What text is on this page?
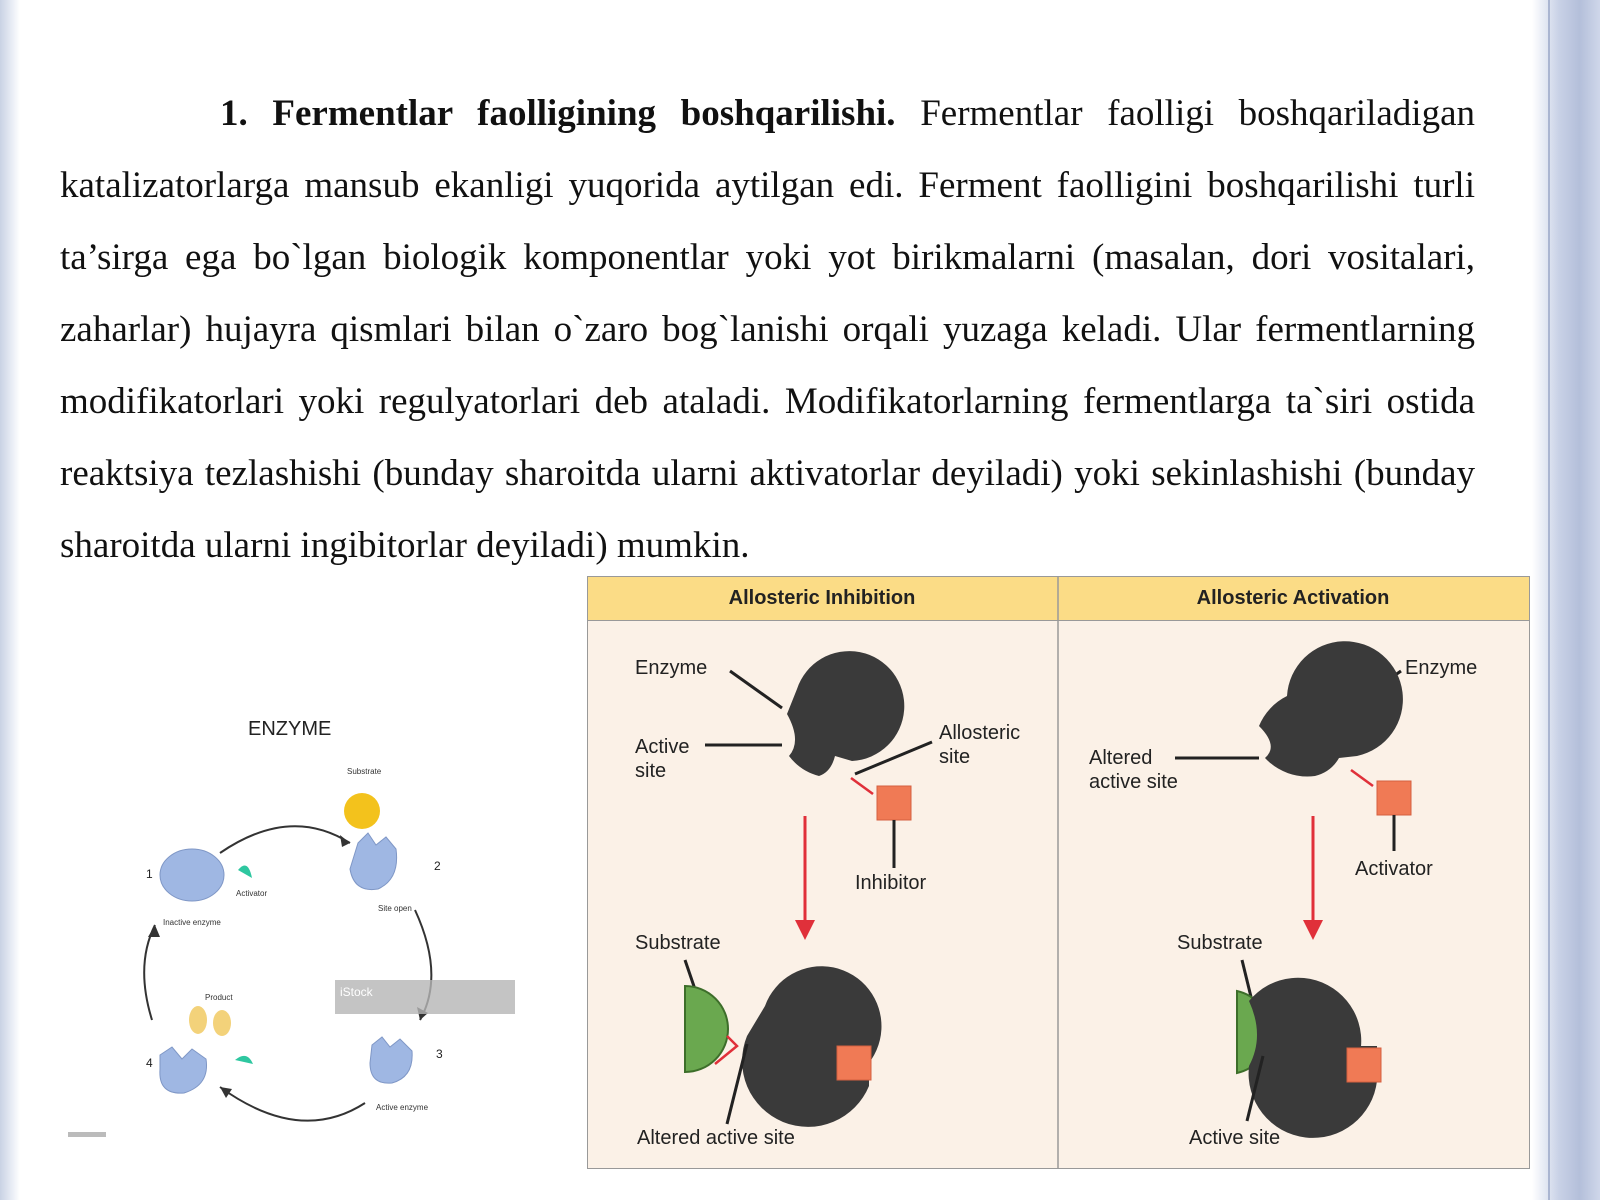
1. Fermentlar faolligining boshqarilishi. Fermentlar faolligi boshqariladigan katalizatorlarga mansub ekanligi yuqorida aytilgan edi. Ferment faolligini boshqarilishi turli ta’sirga ega bo`lgan biologik komponentlar yoki yot birikmalarni (masalan, dori vositalari, zaharlar) hujayra qismlari bilan o`zaro bog`lanishi orqali yuzaga keladi. Ular fermentlarning modifikatorlari yoki regulyatorlari deb ataladi. Modifikatorlarning fermentlarga ta`siri ostida reaktsiya tezlashishi (bunday sharoitda ularni aktivatorlar deyiladi) yoki sekinlashishi (bunday sharoitda ularni ingibitorlar deyiladi) mumkin.

ENZYME
1
Activator
Inactive enzyme
Substrate
2
Site open
iStock
3
Active enzyme
Product
4
Allosteric Inhibition	Allosteric Activation
Enzyme
Active
site
Allosteric
site
Inhibitor
Substrate
Altered active site
Enzyme
Altered
active site
Activator
Substrate
Active site
